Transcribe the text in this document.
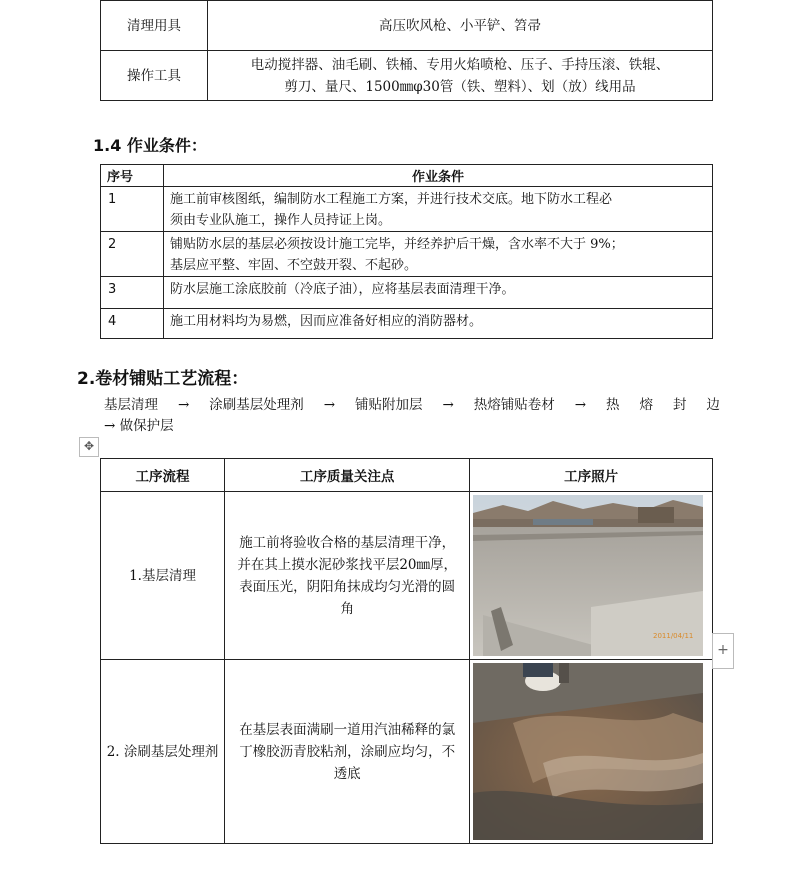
清理用具	高压吹风枪、小平铲、笤帚
操作工具	电动搅拌器、油毛刷、铁桶、专用火焰喷枪、压子、手持压滚、铁辊、
剪刀、量尺、1500㎜φ30管（铁、塑料）、划（放）线用品
1.4 作业条件：
序号	作业条件
1	施工前审核图纸，编制防水工程施工方案，并进行技术交底。地下防水工程必
须由专业队施工，操作人员持证上岗。

2	铺贴防水层的基层必须按设计施工完毕，并经养护后干燥，含水率不大于 9%；
基层应平整、牢固、不空鼓开裂、不起砂。

3	防水层施工涂底胶前（冷底子油），应将基层表面清理干净。
4	施工用材料均为易燃，因而应准备好相应的消防器材。
2.卷材铺贴工艺流程：
基层清理 → 涂刷基层处理剂 → 铺贴附加层 → 热熔铺贴卷材 → 热 熔 封 边
→ 做保护层
✥
工序流程	工序质量关注点	工序照片
1.基层清理	施工前将验收合格的基层清理干净，并在其上摸水泥砂浆找平层20㎜厚，表面压光，阴阳角抹成均匀光滑的圆角	2011/04/11

2. 涂刷基层处理剂	在基层表面满刷一道用汽油稀释的氯丁橡胶沥青胶粘剂，涂刷应均匀，不透底	
+
